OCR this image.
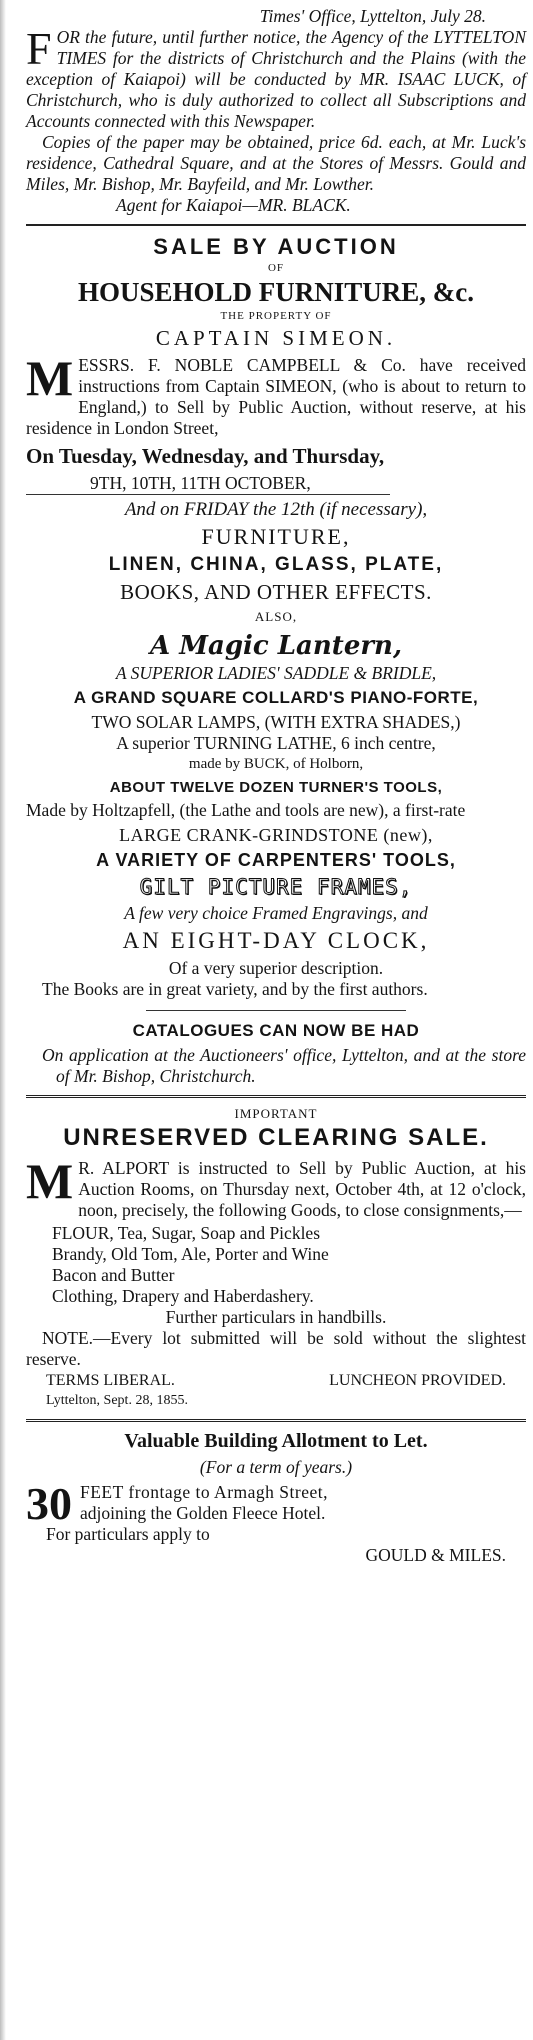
Times' Office, Lyttelton, July 28.

FOR the future, until further notice, the Agency of the LYTTELTON TIMES for the districts of Christchurch and the Plains (with the exception of Kaiapoi) will be conducted by MR. ISAAC LUCK, of Christchurch, who is duly authorized to collect all Subscriptions and Accounts connected with this Newspaper.

Copies of the paper may be obtained, price 6d. each, at Mr. Luck's residence, Cathedral Square, and at the Stores of Messrs. Gould and Miles, Mr. Bishop, Mr. Bayfeild, and Mr. Lowther.

Agent for Kaiapoi—MR. BLACK.

SALE BY AUCTION

OF

HOUSEHOLD FURNITURE, &c.

THE PROPERTY OF

CAPTAIN SIMEON.

MESSRS. F. NOBLE CAMPBELL & Co. have received instructions from Captain SIMEON, (who is about to return to England,) to Sell by Public Auction, without reserve, at his residence in London Street,

On Tuesday, Wednesday, and Thursday,

9TH, 10TH, 11TH OCTOBER,

And on FRIDAY the 12th (if necessary),

FURNITURE,

LINEN, CHINA, GLASS, PLATE,

BOOKS, AND OTHER EFFECTS.

ALSO,

A Magic Lantern,

A SUPERIOR LADIES' SADDLE & BRIDLE,

A GRAND SQUARE COLLARD'S PIANO-FORTE,

TWO SOLAR LAMPS, (WITH EXTRA SHADES,)

A superior TURNING LATHE, 6 inch centre,

made by BUCK, of Holborn,

ABOUT TWELVE DOZEN TURNER'S TOOLS,

Made by Holtzapfell, (the Lathe and tools are new), a first-rate

LARGE CRANK-GRINDSTONE (new),

A VARIETY OF CARPENTERS' TOOLS,

GILT PICTURE FRAMES,

A few very choice Framed Engravings, and

AN EIGHT-DAY CLOCK,

Of a very superior description.

The Books are in great variety, and by the first authors.

CATALOGUES CAN NOW BE HAD

On application at the Auctioneers' office, Lyttelton, and at the store of Mr. Bishop, Christchurch.

IMPORTANT

UNRESERVED CLEARING SALE.

M R. ALPORT is instructed to Sell by Public Auction, at his Auction Rooms, on Thursday next, October 4th, at 12 o'clock, noon, precisely, the following Goods, to close consignments,—

FLOUR, Tea, Sugar, Soap and Pickles
Brandy, Old Tom, Ale, Porter and Wine
Bacon and Butter
Clothing, Drapery and Haberdashery.

Further particulars in handbills.

NOTE.—Every lot submitted will be sold without the slightest reserve.

TERMS LIBERAL.	LUNCHEON PROVIDED.

Lyttelton, Sept. 28, 1855.

Valuable Building Allotment to Let.

(For a term of years.)

30 FEET frontage to Armagh Street,
adjoining the Golden Fleece Hotel.
For particulars apply to
GOULD & MILES.
